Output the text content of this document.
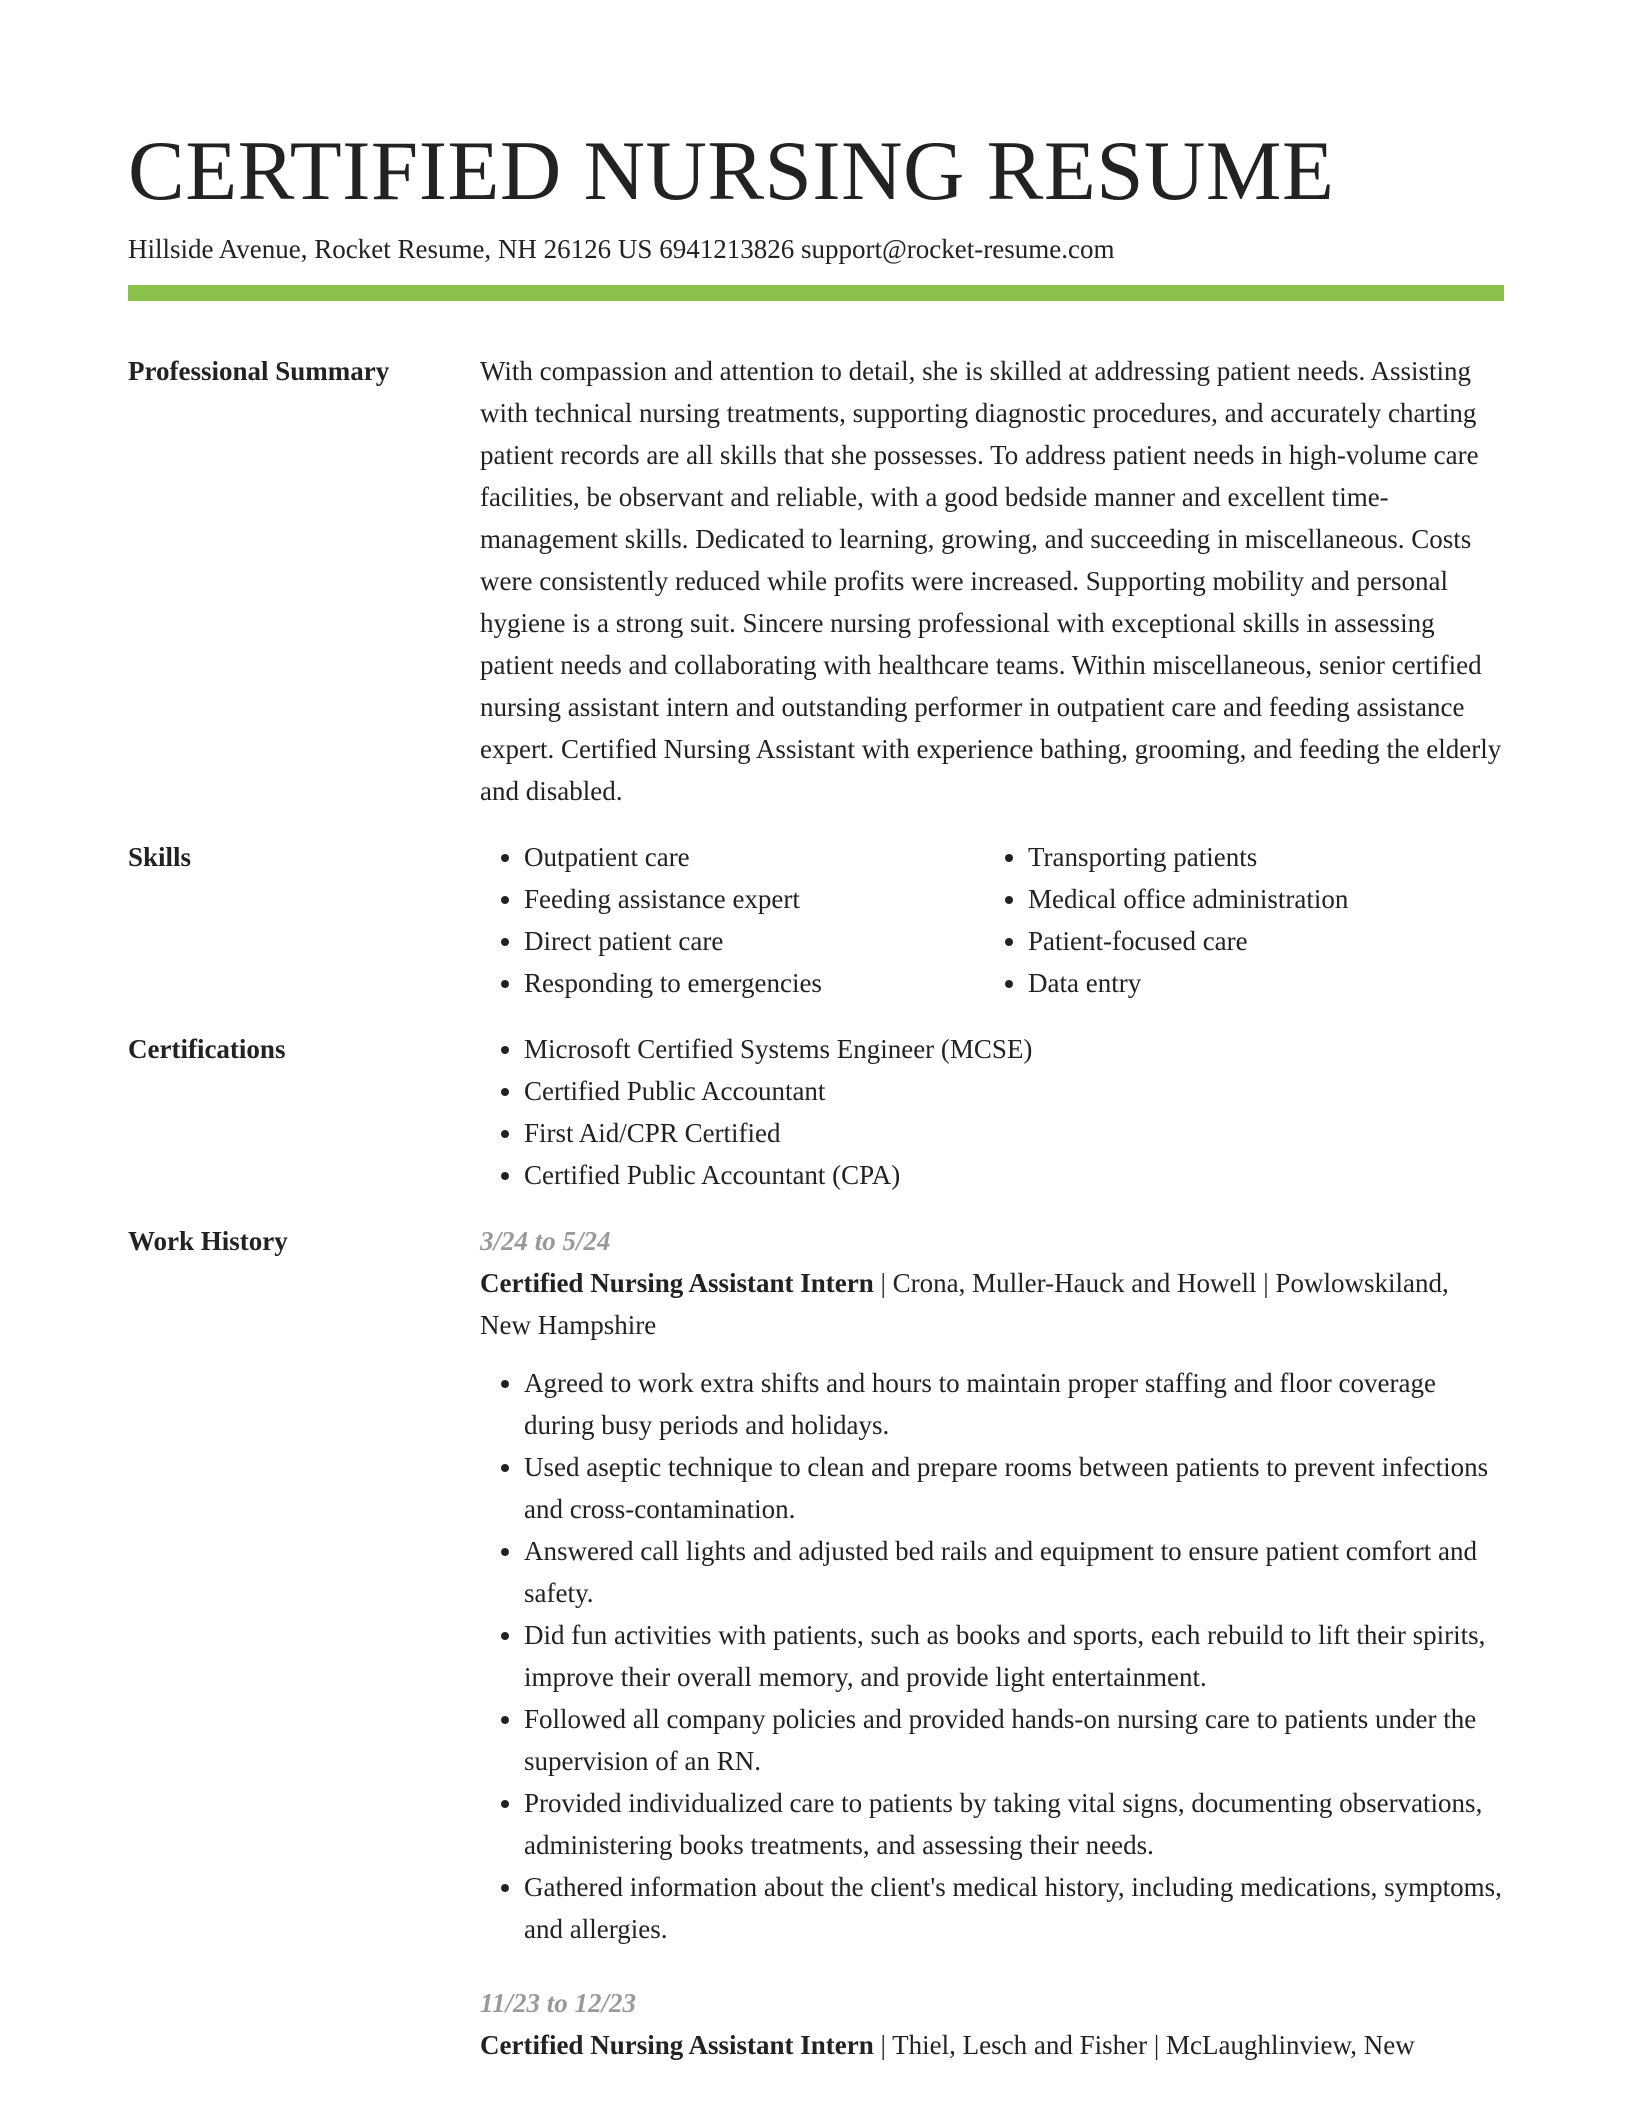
CERTIFIED NURSING RESUME
Hillside Avenue, Rocket Resume, NH 26126 US 6941213826 support@rocket-resume.com
Professional Summary	With compassion and attention to detail, she is skilled at addressing patient needs. Assisting with technical nursing treatments, supporting diagnostic procedures, and accurately charting patient records are all skills that she possesses. To address patient needs in high-volume care facilities, be observant and reliable, with a good bedside manner and excellent time-management skills. Dedicated to learning, growing, and succeeding in miscellaneous. Costs were consistently reduced while profits were increased. Supporting mobility and personal hygiene is a strong suit. Sincere nursing professional with exceptional skills in assessing patient needs and collaborating with healthcare teams. Within miscellaneous, senior certified nursing assistant intern and outstanding performer in outpatient care and feeding assistance expert. Certified Nursing Assistant with experience bathing, grooming, and feeding the elderly and disabled.

Skills	• Outpatient care
• Feeding assistance expert
• Direct patient care
• Responding to emergencies
• Transporting patients
• Medical office administration
• Patient-focused care
• Data entry
Certifications	• Microsoft Certified Systems Engineer (MCSE)
• Certified Public Accountant
• First Aid/CPR Certified
• Certified Public Accountant (CPA)
Work History	3/24 to 5/24
Certified Nursing Assistant Intern | Crona, Muller-Hauck and Howell | Powlowskiland, New Hampshire
• Agreed to work extra shifts and hours to maintain proper staffing and floor coverage during busy periods and holidays.
• Used aseptic technique to clean and prepare rooms between patients to prevent infections and cross-contamination.
• Answered call lights and adjusted bed rails and equipment to ensure patient comfort and safety.
• Did fun activities with patients, such as books and sports, each rebuild to lift their spirits, improve their overall memory, and provide light entertainment.
• Followed all company policies and provided hands-on nursing care to patients under the supervision of an RN.
• Provided individualized care to patients by taking vital signs, documenting observations, administering books treatments, and assessing their needs.
• Gathered information about the client's medical history, including medications, symptoms, and allergies.
11/23 to 12/23
Certified Nursing Assistant Intern | Thiel, Lesch and Fisher | McLaughlinview, New
